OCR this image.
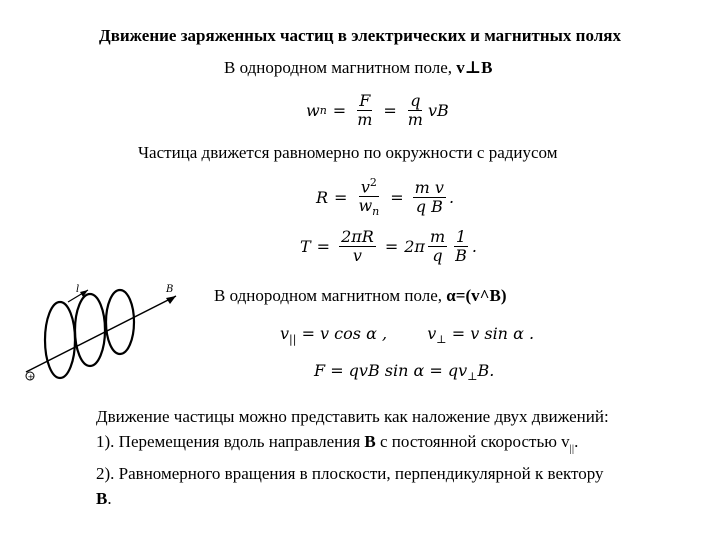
Движение заряженных частиц в электрических и магнитных полях
В однородном магнитном поле, v⊥B
w $n = \frac{F}{m} = \frac{q}{m}$ vB
Частица движется равномерно по окружности с радиусом
$R = \frac{v^2}{w_n} = \frac{\text{m v}}{\text{q B}}$ .
$T = \frac{2\pi R}{v} = 2\pi \frac{m}{q} \frac{1}{B}$ .
В однородном магнитном поле, α=(v^B)
$v_{||} = v$ cos α ,	$v_\perp = v$ sin α .
F = qvB $\sin \alpha = qv_\perp B$.
+
l	B

Движение частицы можно представить как наложение двух движений:

1). Перемещения вдоль направления B с постоянной скоростью $v_{||}$.

2). Равномерного вращения в плоскости, перпендикулярной к вектору

B.
